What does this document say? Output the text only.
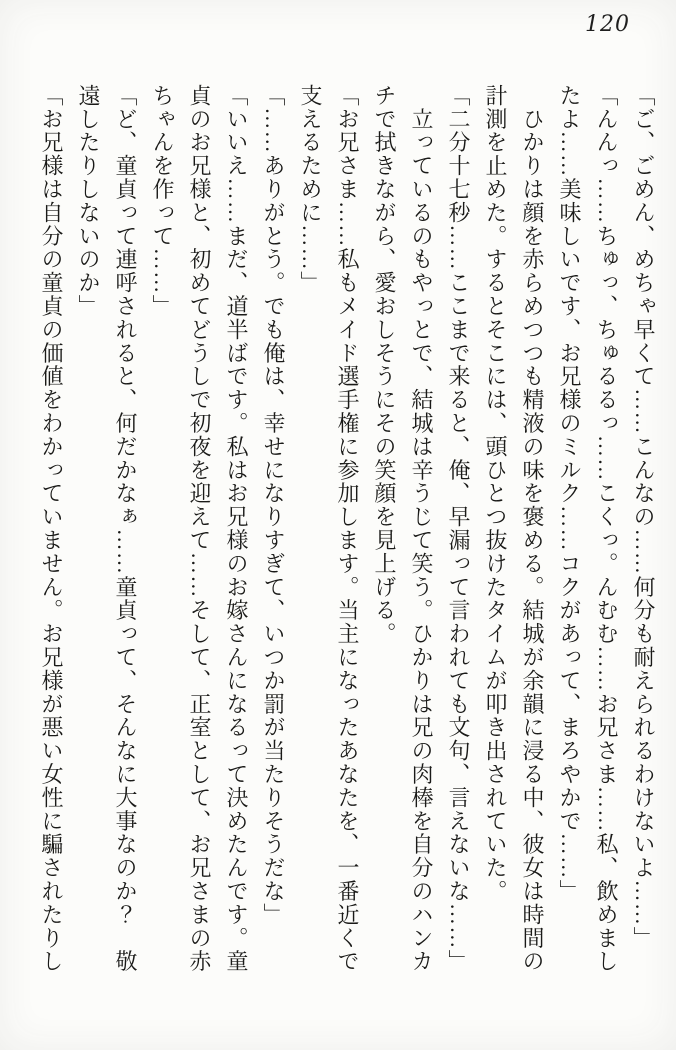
120

「ご、ごめん、めちゃ早くて……こんなの……何分も耐えられるわけないよ……」

「んんっ……ちゅっ、ちゅるるっ……こくっ。んむむ……お兄さま……私、飲めましたよ……美味しいです、お兄様のミルク……コクがあって、まろやかで……」

　ひかりは顔を赤らめつつも精液の味を褒める。結城が余韻に浸る中、彼女は時間の計測を止めた。するとそこには、頭ひとつ抜けたタイムが叩き出されていた。

「二分十七秒……ここまで来ると、俺、早漏って言われても文句、言えないな……」

　立っているのもやっとで、結城は辛うじて笑う。ひかりは兄の肉棒を自分のハンカチで拭きながら、愛おしそうにその笑顔を見上げる。

「お兄さま……私もメイド選手権に参加します。当主になったあなたを、一番近くで支えるために……」

「……ありがとう。でも俺は、幸せになりすぎて、いつか罰が当たりそうだな」

「いいえ……まだ、道半ばです。私はお兄様のお嫁さんになるって決めたんです。童貞のお兄様と、初めてどうしで初夜を迎えて……そして、正室として、お兄さまの赤ちゃんを作って……」

「ど、童貞って連呼されると、何だかなぁ……童貞って、そんなに大事なのか？　敬遠したりしないのか」

「お兄様は自分の童貞の価値をわかっていません。お兄様が悪い女性に騙されたりし
